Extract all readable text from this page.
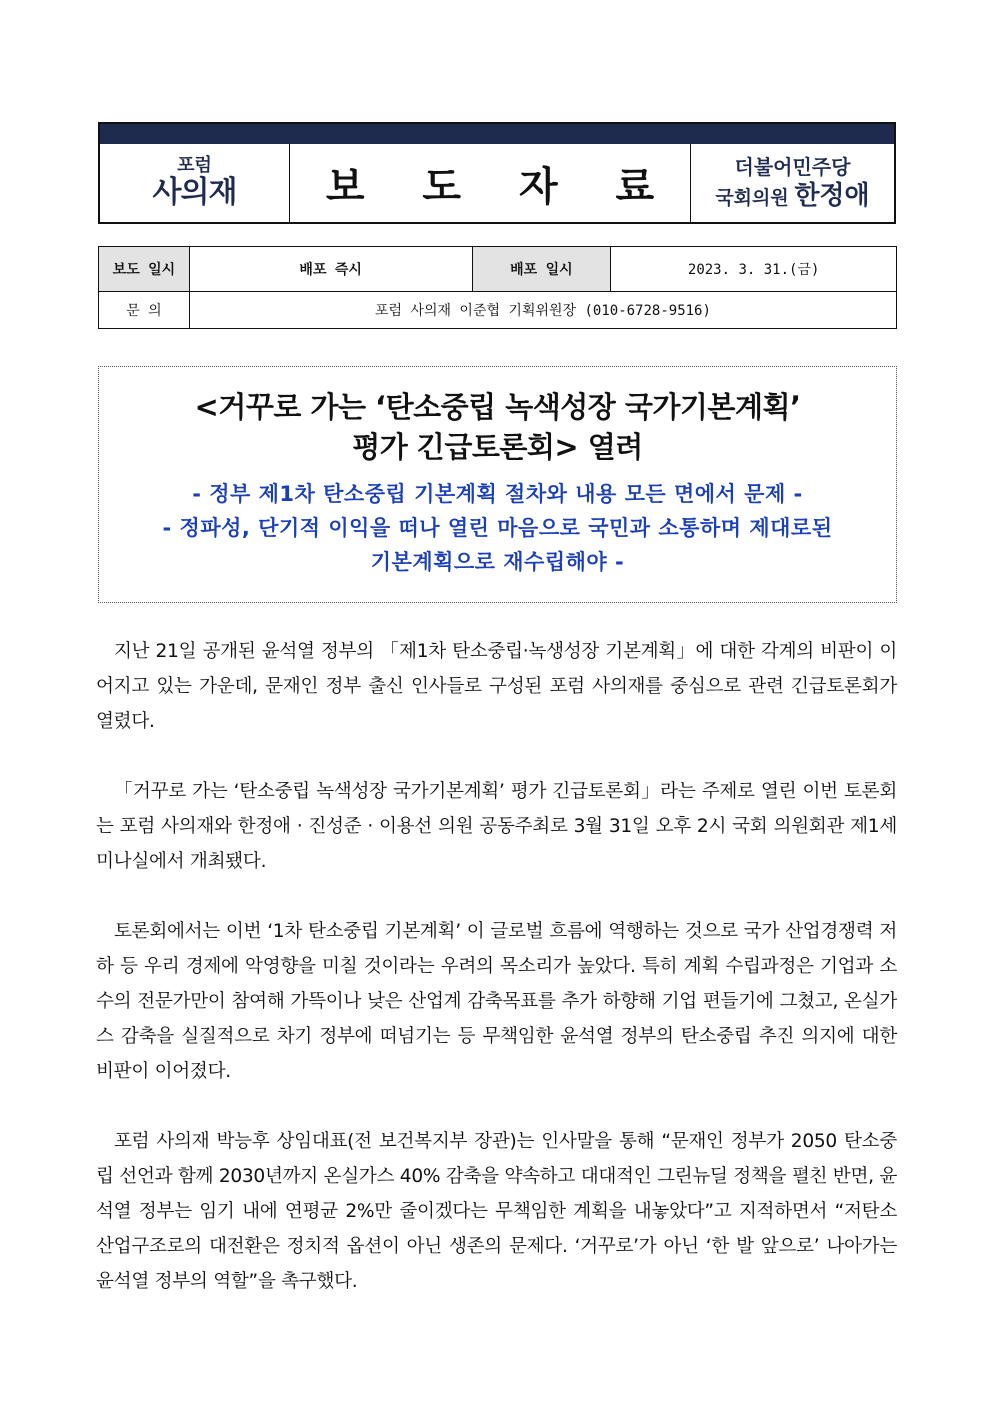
포럼
사의재	보 도 자 료	더불어민주당
국회의원 한정애
보도 일시	배포 즉시	배포 일시	2023. 3. 31.(금)
문 의	포럼 사의재 이준협 기획위원장 (010-6728-9516)		
<거꾸로 가는 ‘탄소중립 녹색성장 국가기본계획’
평가 긴급토론회> 열려
- 정부 제1차 탄소중립 기본계획 절차와 내용 모든 면에서 문제 -
- 정파성, 단기적 이익을 떠나 열린 마음으로 국민과 소통하며 제대로된
기본계획으로 재수립해야 -

지난 21일 공개된 윤석열 정부의 「제1차 탄소중립·녹생성장 기본계획」에 대한 각계의 비판이 이어지고 있는 가운데, 문재인 정부 출신 인사들로 구성된 포럼 사의재를 중심으로 관련 긴급토론회가 열렸다.

「거꾸로 가는 ‘탄소중립 녹색성장 국가기본계획’ 평가 긴급토론회」라는 주제로 열린 이번 토론회는 포럼 사의재와 한정애 · 진성준 · 이용선 의원 공동주최로 3월 31일 오후 2시 국회 의원회관 제1세미나실에서 개최됐다.

토론회에서는 이번 ‘1차 탄소중립 기본계획’ 이 글로벌 흐름에 역행하는 것으로 국가 산업경쟁력 저하 등 우리 경제에 악영향을 미칠 것이라는 우려의 목소리가 높았다. 특히 계획 수립과정은 기업과 소수의 전문가만이 참여해 가뜩이나 낮은 산업계 감축목표를 추가 하향해 기업 편들기에 그쳤고, 온실가스 감축을 실질적으로 차기 정부에 떠넘기는 등 무책임한 윤석열 정부의 탄소중립 추진 의지에 대한 비판이 이어졌다.

포럼 사의재 박능후 상임대표(전 보건복지부 장관)는 인사말을 통해 “문재인 정부가 2050 탄소중립 선언과 함께 2030년까지 온실가스 40% 감축을 약속하고 대대적인 그린뉴딜 정책을 펼친 반면, 윤석열 정부는 임기 내에 연평균 2%만 줄이겠다는 무책임한 계획을 내놓았다”고 지적하면서 “저탄소 산업구조로의 대전환은 정치적 옵션이 아닌 생존의 문제다. ‘거꾸로’가 아닌 ‘한 발 앞으로’ 나아가는 윤석열 정부의 역할”을 촉구했다.
